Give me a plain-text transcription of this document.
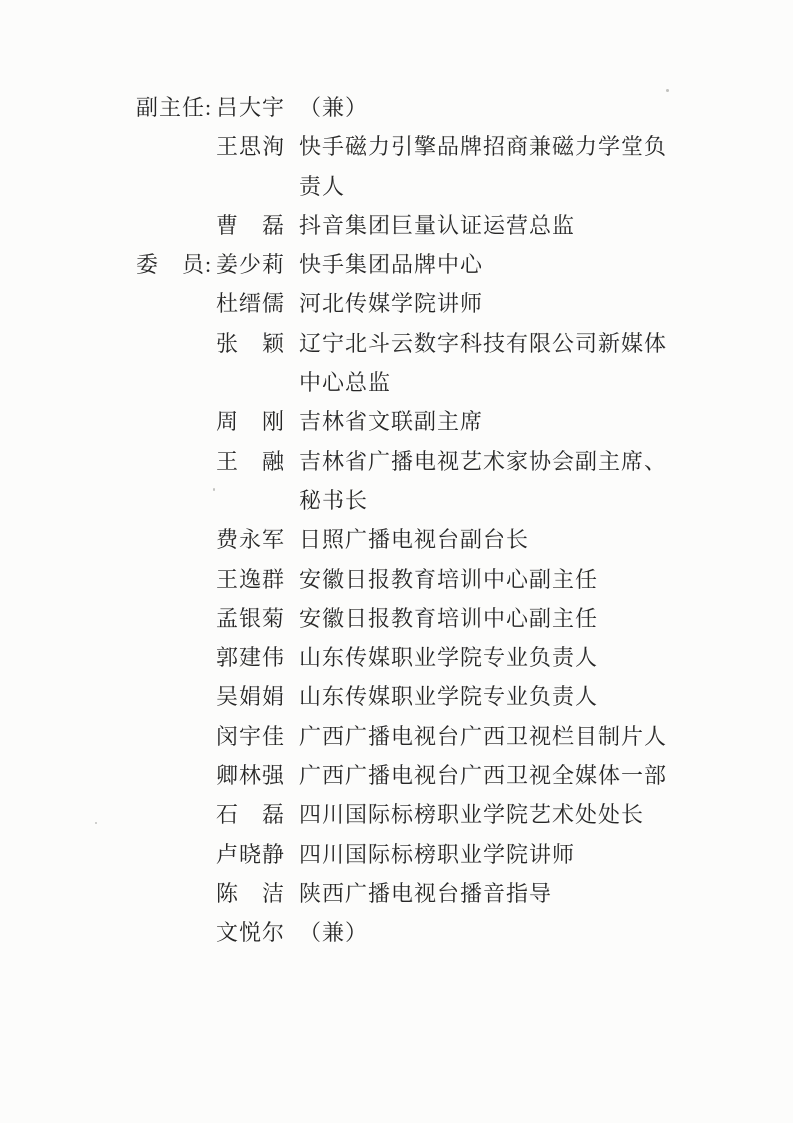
副主任: 吕大宇 （兼）
王思洵 快手磁力引擎品牌招商兼磁力学堂负责人
曹　磊 抖音集团巨量认证运营总监
委　员: 姜少莉 快手集团品牌中心
杜缙儒 河北传媒学院讲师
张　颖 辽宁北斗云数字科技有限公司新媒体中心总监
周　刚 吉林省文联副主席
王　融 吉林省广播电视艺术家协会副主席、秘书长
费永军 日照广播电视台副台长
王逸群 安徽日报教育培训中心副主任
孟银菊 安徽日报教育培训中心副主任
郭建伟 山东传媒职业学院专业负责人
吴娟娟 山东传媒职业学院专业负责人
闵宇佳 广西广播电视台广西卫视栏目制片人
卿林强 广西广播电视台广西卫视全媒体一部
石　磊 四川国际标榜职业学院艺术处处长
卢晓静 四川国际标榜职业学院讲师
陈　洁 陕西广播电视台播音指导
文悦尔 （兼）
